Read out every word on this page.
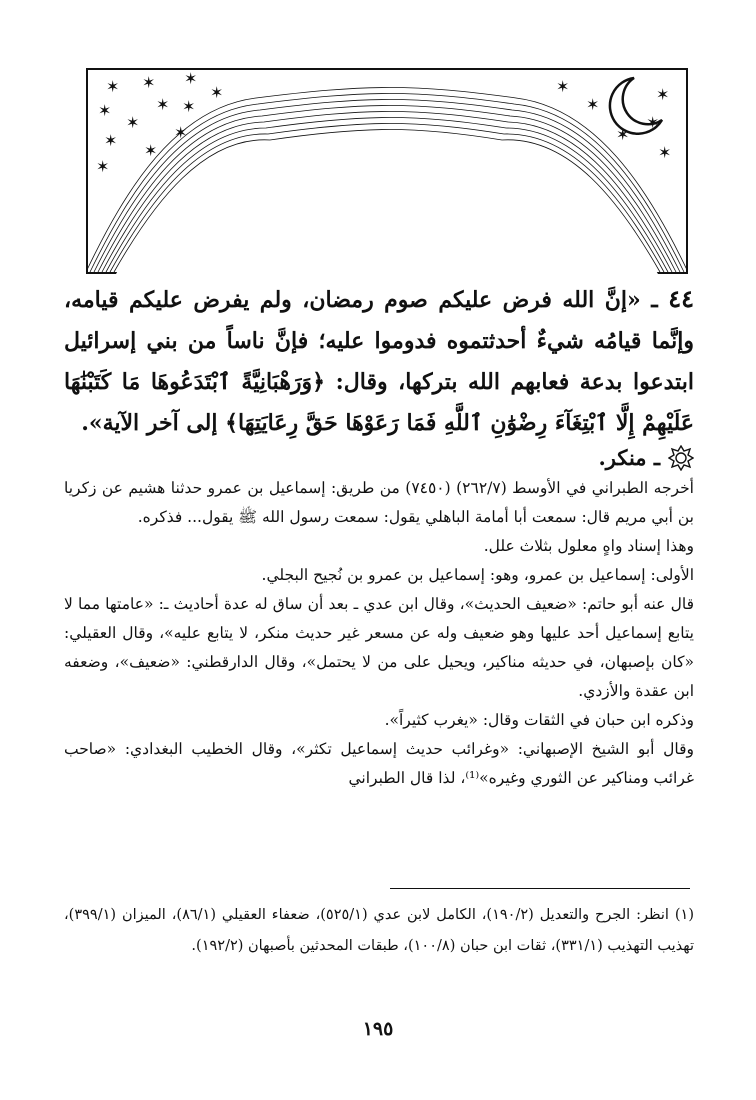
✶ ✶ ✶
✶
✶
✶ ✶
✶
✶
✶
✶
✶
✶
✶
✶
✶
✶
✶
٤٤ ـ «إنَّ الله فرض عليكم صوم رمضان، ولم يفرض عليكم قيامه، وإنَّما قيامُه شيءٌ أحدثتموه فدوموا عليه؛ فإنَّ ناساً من بني إسرائيل ابتدعوا بدعة فعابهم الله بتركها، وقال: ﴿وَرَهْبَانِيَّةً ٱبْتَدَعُوهَا مَا كَتَبْنَٰهَا عَلَيْهِمْ إِلَّا ٱبْتِغَآءَ رِضْوَٰنِ ٱللَّهِ فَمَا رَعَوْهَا حَقَّ رِعَايَتِهَا﴾ إلى آخر الآية».
ـ منكر.

أخرجه الطبراني في الأوسط (٢٦٢/٧) (٧٤٥٠) من طريق: إسماعيل بن عمرو حدثنا هشيم عن زكريا بن أبي مريم قال: سمعت أبا أمامة الباهلي يقول: سمعت رسول الله ﷺ يقول... فذكره.

وهذا إسناد واهٍ معلول بثلاث علل.

الأولى: إسماعيل بن عمرو، وهو: إسماعيل بن عمرو بن نُجيح البجلي.

قال عنه أبو حاتم: «ضعيف الحديث»، وقال ابن عدي ـ بعد أن ساق له عدة أحاديث ـ: «عامتها مما لا يتابع إسماعيل أحد عليها وهو ضعيف وله عن مسعر غير حديث منكر، لا يتابع عليه»، وقال العقيلي: «كان بإصبهان، في حديثه مناكير، ويحيل على من لا يحتمل»، وقال الدارقطني: «ضعيف»، وضعفه ابن عقدة والأزدي.

وذكره ابن حبان في الثقات وقال: «يغرب كثيراً».

وقال أبو الشيخ الإصبهاني: «وغرائب حديث إسماعيل تكثر»، وقال الخطيب البغدادي: «صاحب غرائب ومناكير عن الثوري وغيره»⁽¹⁾، لذا قال الطبراني

(١) انظر: الجرح والتعديل (١٩٠/٢)، الكامل لابن عدي (٥٢٥/١)، ضعفاء العقيلي (٨٦/١)، الميزان (٣٩٩/١)، تهذيب التهذيب (٣٣١/١)، ثقات ابن حبان (١٠٠/٨)، طبقات المحدثين بأصبهان (١٩٢/٢).
١٩٥
